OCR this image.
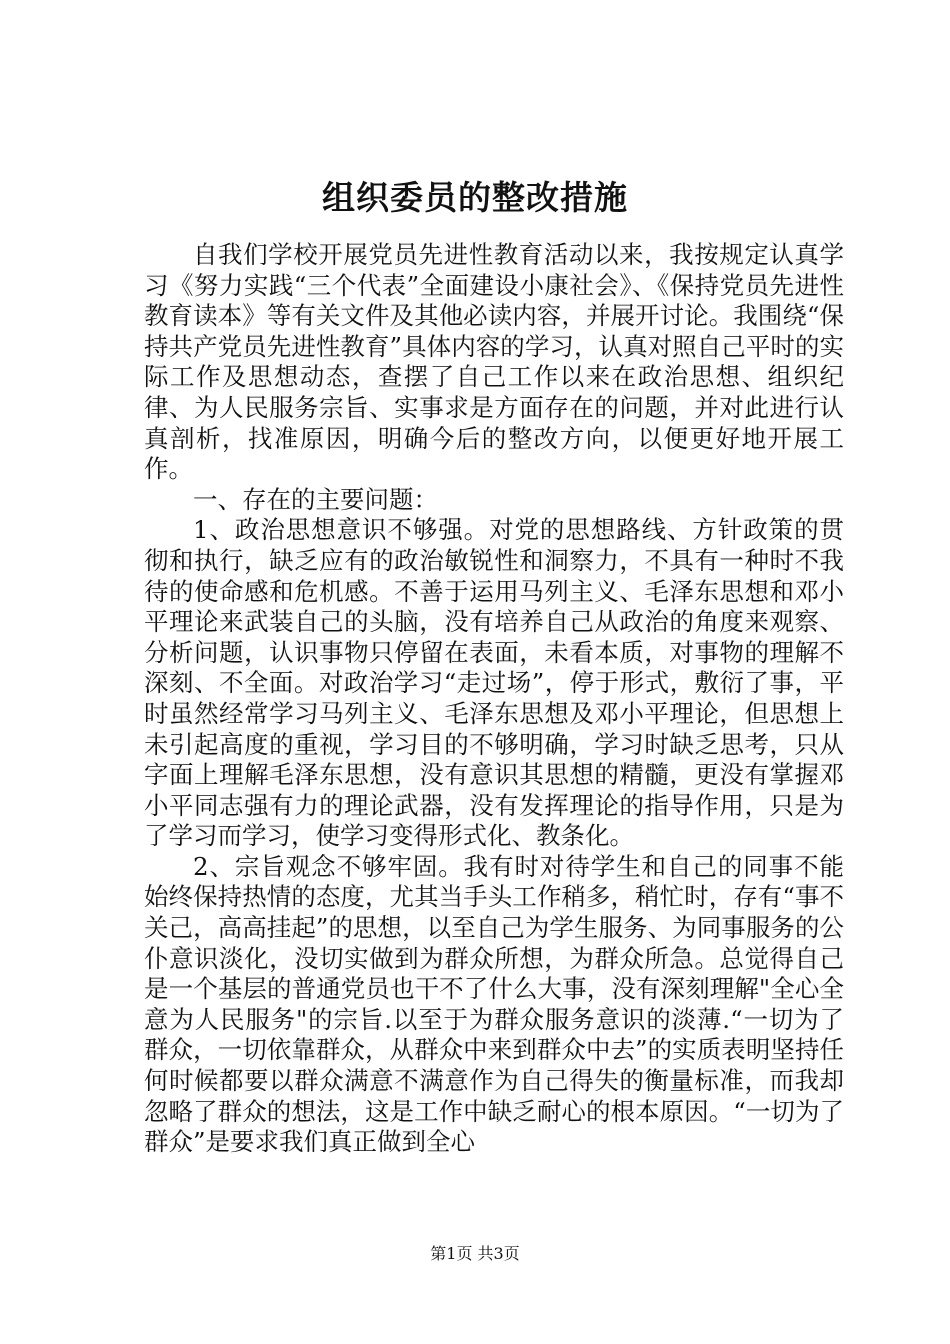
组织委员的整改措施

自我们学校开展党员先进性教育活动以来，我按规定认真学习《努力实践“三个代表”全面建设小康社会》、《保持党员先进性教育读本》等有关文件及其他必读内容，并展开讨论。我围绕“保持共产党员先进性教育”具体内容的学习，认真对照自己平时的实际工作及思想动态，查摆了自己工作以来在政治思想、组织纪律、为人民服务宗旨、实事求是方面存在的问题，并对此进行认真剖析，找准原因，明确今后的整改方向，以便更好地开展工作。

一、存在的主要问题：

1、政治思想意识不够强。对党的思想路线、方针政策的贯彻和执行，缺乏应有的政治敏锐性和洞察力，不具有一种时不我待的使命感和危机感。不善于运用马列主义、毛泽东思想和邓小平理论来武装自己的头脑，没有培养自己从政治的角度来观察、分析问题，认识事物只停留在表面，未看本质，对事物的理解不深刻、不全面。对政治学习“走过场”，停于形式，敷衍了事，平时虽然经常学习马列主义、毛泽东思想及邓小平理论，但思想上未引起高度的重视，学习目的不够明确，学习时缺乏思考，只从字面上理解毛泽东思想，没有意识其思想的精髓，更没有掌握邓小平同志强有力的理论武器，没有发挥理论的指导作用，只是为了学习而学习，使学习变得形式化、教条化。

2、宗旨观念不够牢固。我有时对待学生和自己的同事不能始终保持热情的态度，尤其当手头工作稍多，稍忙时，存有“事不关己，高高挂起”的思想，以至自己为学生服务、为同事服务的公仆意识淡化，没切实做到为群众所想，为群众所急。总觉得自己是一个基层的普通党员也干不了什么大事，没有深刻理解"全心全意为人民服务"的宗旨.以至于为群众服务意识的淡薄.“一切为了群众，一切依靠群众，从群众中来到群众中去”的实质表明坚持任何时候都要以群众满意不满意作为自己得失的衡量标准，而我却忽略了群众的想法，这是工作中缺乏耐心的根本原因。“一切为了群众”是要求我们真正做到全心

第1页 共3页
